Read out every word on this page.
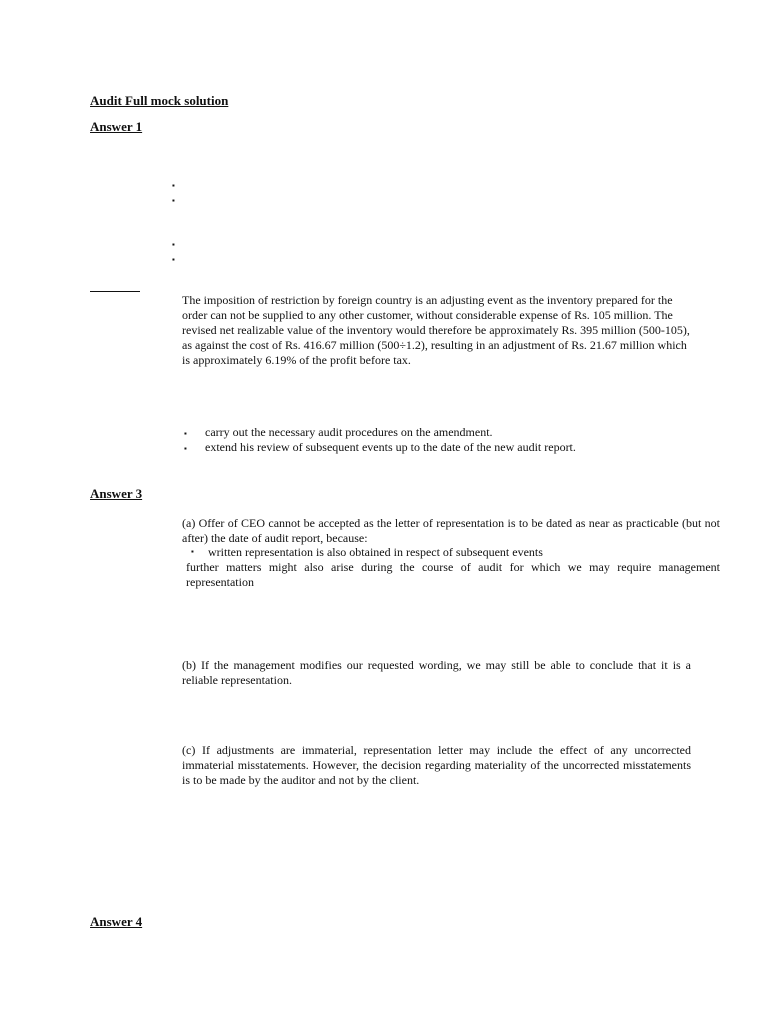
Audit Full mock solution
Answer 1
▪
▪
▪
▪
The imposition of restriction by foreign country is an adjusting event as the inventory prepared for the order can not be supplied to any other customer, without considerable expense of Rs. 105 million. The revised net realizable value of the inventory would therefore be approximately Rs. 395 million (500-105), as against the cost of Rs. 416.67 million (500÷1.2), resulting in an adjustment of Rs. 21.67 million which is approximately 6.19% of the profit before tax.
▪ carry out the necessary audit procedures on the amendment.
▪ extend his review of subsequent events up to the date of the new audit report.
Answer 3
(a) Offer of CEO cannot be accepted as the letter of representation is to be dated as near as practicable (but not after) the date of audit report, because:
▪ written representation is also obtained in respect of subsequent events
further matters might also arise during the course of audit for which we may require management representation
(b) If the management modifies our requested wording, we may still be able to conclude that it is a reliable representation.
(c) If adjustments are immaterial, representation letter may include the effect of any uncorrected immaterial misstatements. However, the decision regarding materiality of the uncorrected misstatements is to be made by the auditor and not by the client.
Answer 4
